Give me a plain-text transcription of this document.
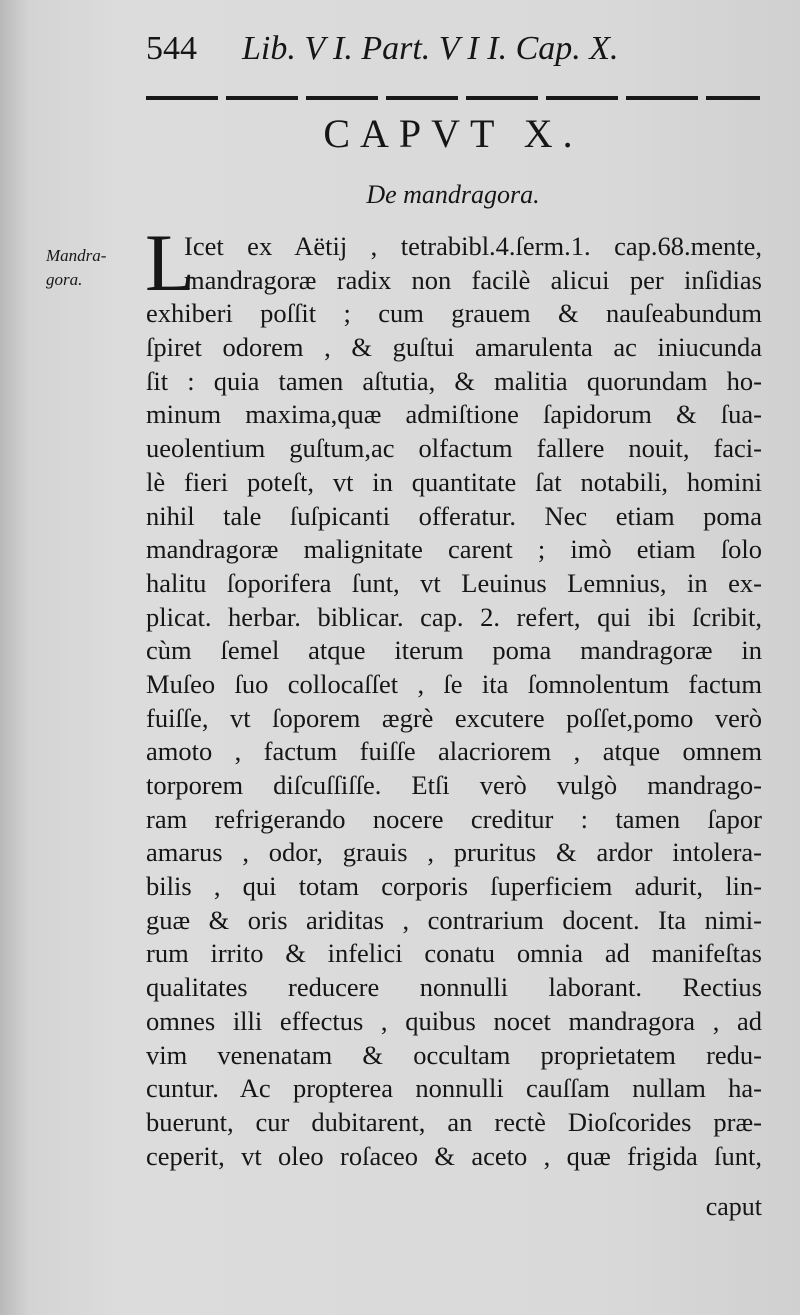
544 Lib. V I. Part. V I I. Cap. X.
CAPVT X.
De mandragora.
Mandra-
gora. L
Icet ex Aëtij , tetrabibl.4.ſerm.1. cap.68.mente,
mandragoræ radix non facilè alicui per inſidias
exhiberi poſſit ; cum grauem & nauſeabundum
ſpiret odorem , & guſtui amarulenta ac iniucunda
ſit : quia tamen aſtutia, & malitia quorundam ho-
minum maxima,quæ admiſtione ſapidorum & ſua-
ueolentium guſtum,ac olfactum fallere nouit, faci-
lè fieri poteſt, vt in quantitate ſat notabili, homini
nihil tale ſuſpicanti offeratur. Nec etiam poma
mandragoræ malignitate carent ; imò etiam ſolo
halitu ſoporifera ſunt, vt Leuinus Lemnius, in ex-
plicat. herbar. biblicar. cap. 2. refert, qui ibi ſcribit,
cùm ſemel atque iterum poma mandragoræ in
Muſeo ſuo collocaſſet , ſe ita ſomnolentum factum
fuiſſe, vt ſoporem ægrè excutere poſſet,pomo verò
amoto , factum fuiſſe alacriorem , atque omnem
torporem diſcuſſiſſe. Etſi verò vulgò mandrago-
ram refrigerando nocere creditur : tamen ſapor
amarus , odor, grauis , pruritus & ardor intolera-
bilis , qui totam corporis ſuperficiem adurit, lin-
guæ & oris ariditas , contrarium docent. Ita nimi-
rum irrito & infelici conatu omnia ad manifeſtas
qualitates reducere nonnulli laborant. Rectius
omnes illi effectus , quibus nocet mandragora , ad
vim venenatam & occultam proprietatem redu-
cuntur. Ac propterea nonnulli cauſſam nullam ha-
buerunt, cur dubitarent, an rectè Dioſcorides præ-
ceperit, vt oleo roſaceo & aceto , quæ frigida ſunt,
caput
